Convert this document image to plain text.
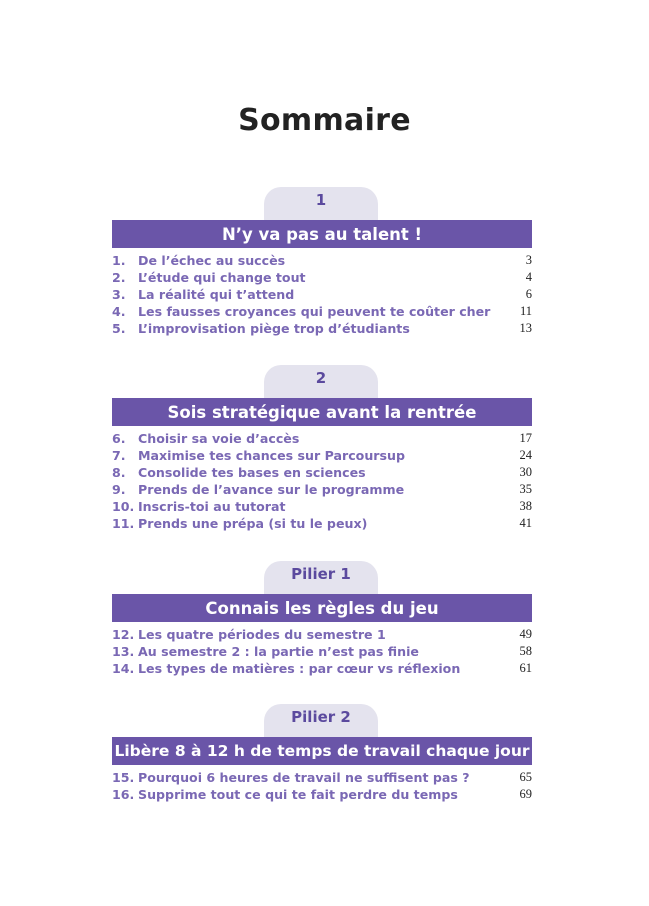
Sommaire
1
N’y va pas au talent !
1. De l’échec au succès	3
2. L’étude qui change tout	4
3. La réalité qui t’attend	6
4. Les fausses croyances qui peuvent te coûter cher 11
5. L’improvisation piège trop d’étudiants	13
2
Sois stratégique avant la rentrée
6. Choisir sa voie d’accès	17
7. Maximise tes chances sur Parcoursup	24
8. Consolide tes bases en sciences	30
9. Prends de l’avance sur le programme	35
10. Inscris-toi au tutorat	38
11. Prends une prépa (si tu le peux)	41
Pilier 1
Connais les règles du jeu
12. Les quatre périodes du semestre 1	49
13. Au semestre 2 : la partie n’est pas finie	58
14. Les types de matières : par cœur vs réflexion	61
Pilier 2
Libère 8 à 12 h de temps de travail chaque jour
15. Pourquoi 6 heures de travail ne suffisent pas ?	65
16. Supprime tout ce qui te fait perdre du temps	69
